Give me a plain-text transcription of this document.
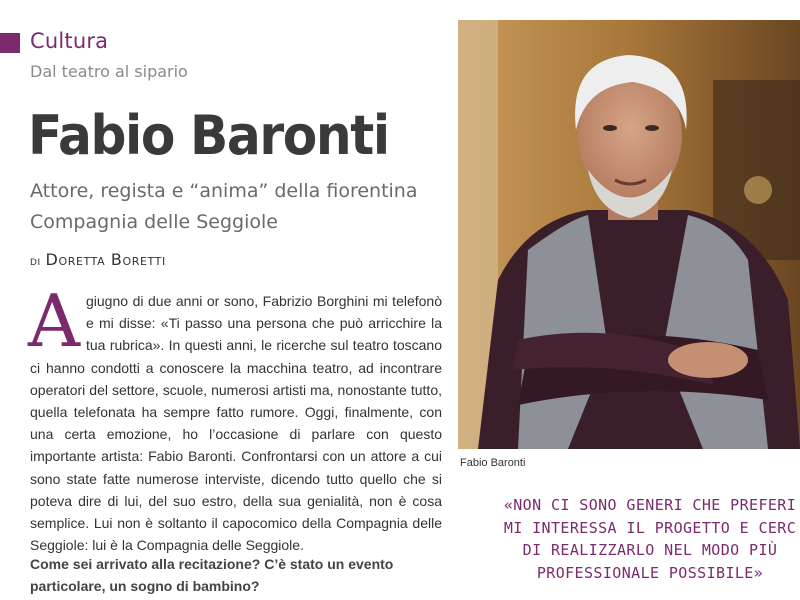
Cultura
Dal teatro al sipario
Fabio Baronti
Attore, regista e “anima” della fiorentina
Compagnia delle Seggiole
di Doretta Boretti
A giugno di due anni or sono, Fabrizio Borghini mi telefonò e mi disse: «Ti passo una persona che può arricchire la tua rubrica». In questi anni, le ricerche sul teatro toscano ci hanno condotti a conoscere la macchina teatro, ad incontrare operatori del settore, scuole, numerosi artisti ma, nonostante tutto, quella telefonata ha sempre fatto rumore. Oggi, finalmente, con una certa emozione, ho l’occasione di parlare con questo importante artista: Fabio Baronti. Confrontarsi con un attore a cui sono state fatte numerose interviste, dicendo tutto quello che si poteva dire di lui, del suo estro, della sua genialità, non è cosa semplice. Lui non è soltanto il capocomico della Compagnia delle Seggiole: lui è la Compagnia delle Seggiole.
Come sei arrivato alla recitazione? C’è stato un evento particolare, un sogno di bambino?
Fabio Baronti
«NON CI SONO GENERI CHE PREFERI
MI INTERESSA IL PROGETTO E CERC
DI REALIZZARLO NEL MODO PIÙ
PROFESSIONALE POSSIBILE»
